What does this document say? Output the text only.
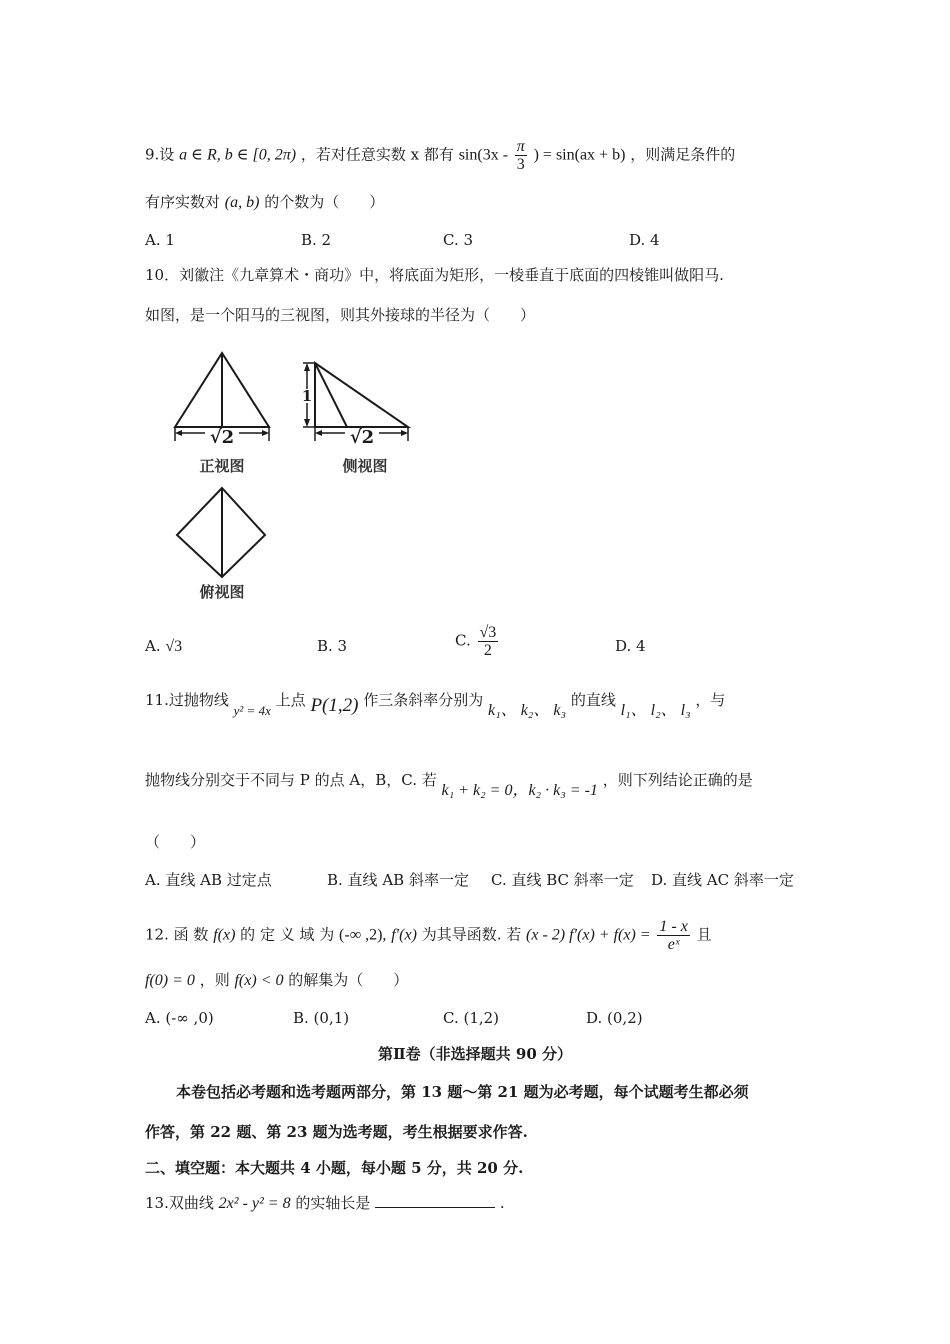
9.设 a ∈ R, b ∈ [0, 2π) ，若对任意实数 x 都有 $\sin(3x - \frac{\pi}{3}$ ) = sin(ax + b) ，则满足条件的
有序实数对 (a, b) 的个数为（　　）
A. 1	B. 2	C. 3	D. 4
10．刘徽注《九章算术・商功》中，将底面为矩形，一棱垂直于底面的四棱锥叫做阳马.
如图，是一个阳马的三视图，则其外接球的半径为（　　）
√2
正视图
1
√2
侧视图
俯视图
A. √3	B. 3	C. $\frac{√3}{2}$	D. 4
11.过抛物线 y² = 4x 上点 P(1,2) 作三条斜率分别为 k₁、 k₂、 k₃ 的直线 l₁、 l₂、 l₃ ，与
抛物线分别交于不同与 P 的点 A，B，C. 若 k₁ + k₂ = 0，k₂ · k₃ = -1 ，则下列结论正确的是
（　　）
A. 直线 AB 过定点	B. 直线 AB 斜率一定 C. 直线 BC 斜率一定 D. 直线 AC 斜率一定
12. 函 数 f(x) 的 定 义 域 为 (-∞ ,2), f′(x) 为其导函数. 若 (x - 2) $f'(x) + f(x) = \frac{1 - x}{\text{eˣ}}$ 且
f(0) = 0 ，则 f(x) < 0 的解集为（　　）
A. (-∞ ,0)	B. (0,1)	C. (1,2)	D. (0,2)
第Ⅱ卷（非选择题共 90 分）
本卷包括必考题和选考题两部分，第 13 题～第 21 题为必考题，每个试题考生都必须
作答，第 22 题、第 23 题为选考题，考生根据要求作答.
二、填空题：本大题共 4 小题，每小题 5 分，共 20 分.
13.双曲线 2x² - y² = 8 的实轴长是	.
